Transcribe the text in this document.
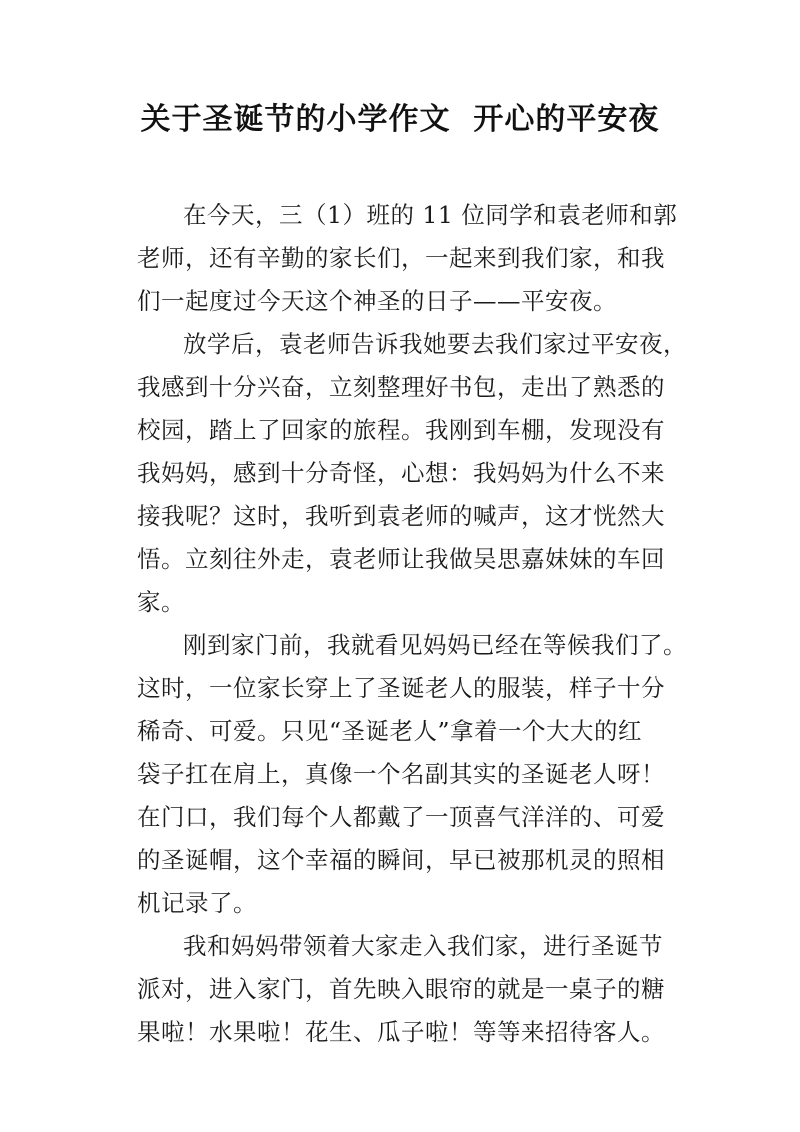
关于圣诞节的小学作文  开心的平安夜
在今天，三（1）班的 11 位同学和袁老师和郭
老师，还有辛勤的家长们，一起来到我们家，和我
们一起度过今天这个神圣的日子——平安夜。
放学后，袁老师告诉我她要去我们家过平安夜，
我感到十分兴奋，立刻整理好书包，走出了熟悉的
校园，踏上了回家的旅程。我刚到车棚，发现没有
我妈妈，感到十分奇怪，心想：我妈妈为什么不来
接我呢？这时，我听到袁老师的喊声，这才恍然大
悟。立刻往外走，袁老师让我做吴思嘉妹妹的车回
家。
刚到家门前，我就看见妈妈已经在等候我们了。
这时，一位家长穿上了圣诞老人的服装，样子十分
稀奇、可爱。只见“圣诞老人”拿着一个大大的红
袋子扛在肩上，真像一个名副其实的圣诞老人呀！
在门口，我们每个人都戴了一顶喜气洋洋的、可爱
的圣诞帽，这个幸福的瞬间，早已被那机灵的照相
机记录了。
我和妈妈带领着大家走入我们家，进行圣诞节
派对，进入家门，首先映入眼帘的就是一桌子的糖
果啦！水果啦！花生、瓜子啦！等等来招待客人。
